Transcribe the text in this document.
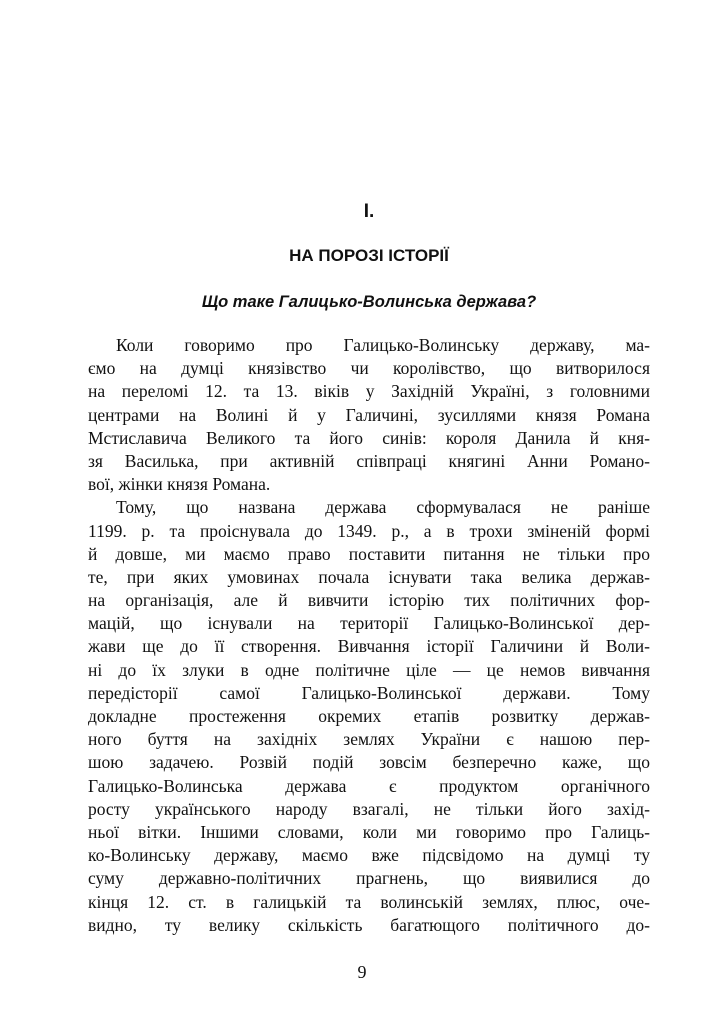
I.
НА ПОРОЗІ ІСТОРІЇ
Що таке Галицько-Волинська держава?
Коли говоримо про Галицько-Волинську державу, ма-
ємо на думці князівство чи королівство, що витворилося
на переломі 12. та 13. віків у Західній Україні, з головними
центрами на Волині й у Галичині, зусиллями князя Романа
Мстиславича Великого та його синів: короля Данила й кня-
зя Василька, при активній співпраці княгині Анни Романо-
вої, жінки князя Романа.
Тому, що названа держава сформувалася не раніше
1199. р. та проіснувала до 1349. р., а в трохи зміненій формі
й довше, ми маємо право поставити питання не тільки про
те, при яких умовинах почала існувати така велика держав-
на організація, але й вивчити історію тих політичних фор-
мацій, що існували на території Галицько-Волинської дер-
жави ще до її створення. Вивчання історії Галичини й Воли-
ні до їх злуки в одне політичне ціле — це немов вивчання
передісторії самої Галицько-Волинської держави. Тому
докладне простеження окремих етапів розвитку держав-
ного буття на західніх землях України є нашою пер-
шою задачею. Розвій подій зовсім безперечно каже, що
Галицько-Волинська держава є продуктом органічного
росту українського народу взагалі, не тільки його захід-
ньої вітки. Іншими словами, коли ми говоримо про Галиць-
ко-Волинську державу, маємо вже підсвідомо на думці ту
суму державно-політичних прагнень, що виявилися до
кінця 12. ст. в галицькій та волинській землях, плюс, оче-
видно, ту велику скількість багатющого політичного до-
9
